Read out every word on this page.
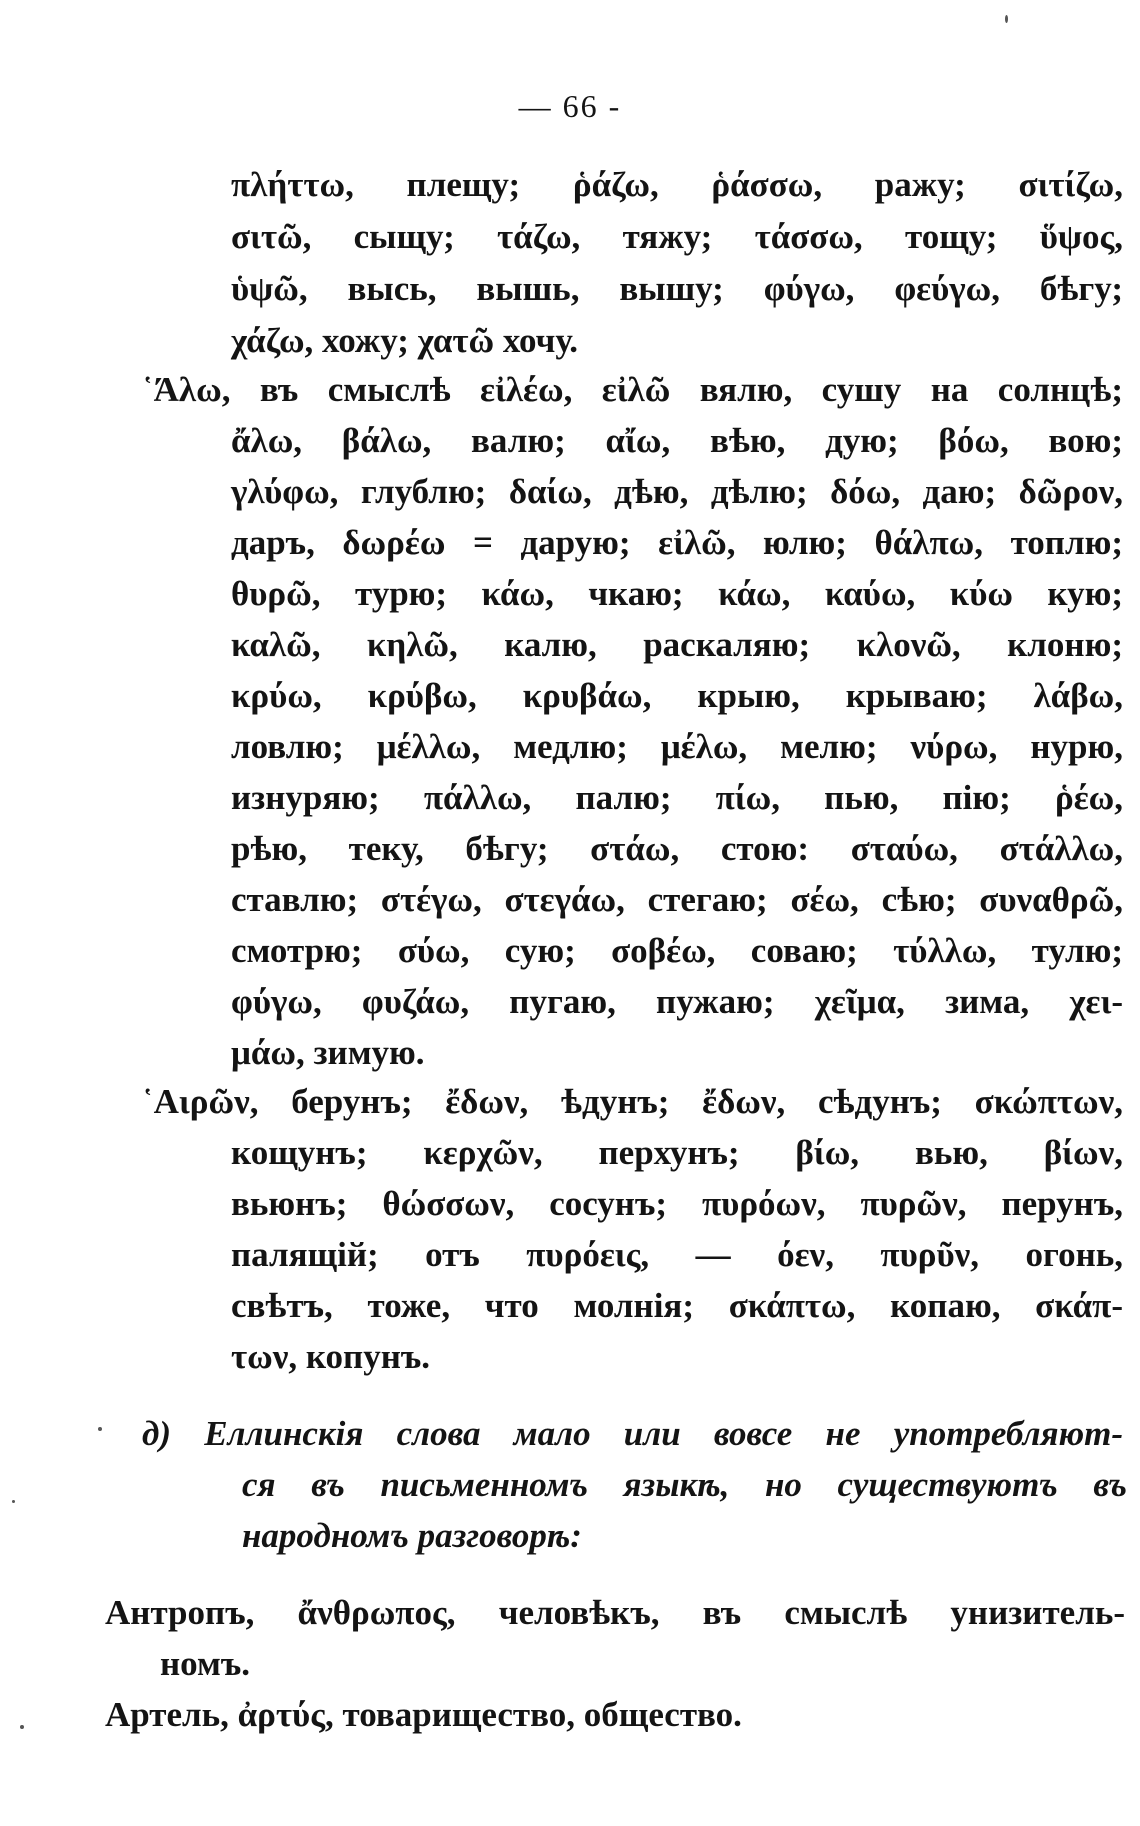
— 66 -
πλήττω, плещу; ῥάζω, ῥάσσω, ражу; σιτίζω,
σιτῶ, сыщу; τάζω, тяжу; τάσσω, тощу; ὕψος,
ὑψῶ, высь, вышь, вышу; φύγω, φεύγω, бѣгу;
χάζω, хожу; χατῶ хочу.
῾Άλω, въ смыслѣ εἰλέω, εἰλῶ вялю, сушу на солнцѣ;
ἄλω, βάλω, валю; αἴω, вѣю, дую; βόω, вою;
γλύφω, глублю; δαίω, дѣю, дѣлю; δόω, даю; δῶρον,
даръ, δωρέω = дарую; εἰλῶ, юлю; θάλπω, топлю;
θυρῶ, турю; κάω, чкаю; κάω, καύω, κύω кую;
καλῶ, κηλῶ, калю, раскаляю; κλονῶ, клоню;
κρύω, κρύβω, κρυβάω, крыю, крываю; λάβω,
ловлю; μέλλω, медлю; μέλω, мелю; νύρω, нурю,
изнуряю; πάλλω, палю; πίω, пью, пію; ῥέω,
рѣю, теку, бѣгу; στάω, стою: σταύω, στάλλω,
ставлю; στέγω, στεγάω, стегаю; σέω, сѣю; συναθρῶ,
смотрю; σύω, сую; σοβέω, совaю; τύλλω, тулю;
φύγω, φυζάω, пугаю, пужаю; χεῖμα, зима, χει-
μάω, зимую.
῾Αιρῶν, берунъ; ἔδων, ѣдунъ; ἔδων, сѣдунъ; σκώπτων,
кощунъ; κερχῶν, перхунъ; βίω, вью, βίων,
вьюнъ; θώσσων, сосунъ; πυρόων, πυρῶν, перунъ,
палящій; отъ πυρόεις, — όεν, πυρῦν, огонь,
свѣтъ, тоже, что молнія; σκάπτω, копаю, σκάπ-
των, копунъ.
д) Еллинскія слова мало или вовсе не употребляют-
ся въ письменномъ языкѣ, но существуютъ въ
народномъ разговорѣ:
Антропъ, ἄνθρωπος, человѣкъ, въ смыслѣ унизитель-
номъ.
Артель, ἀρτύς, товарищество, общество.
